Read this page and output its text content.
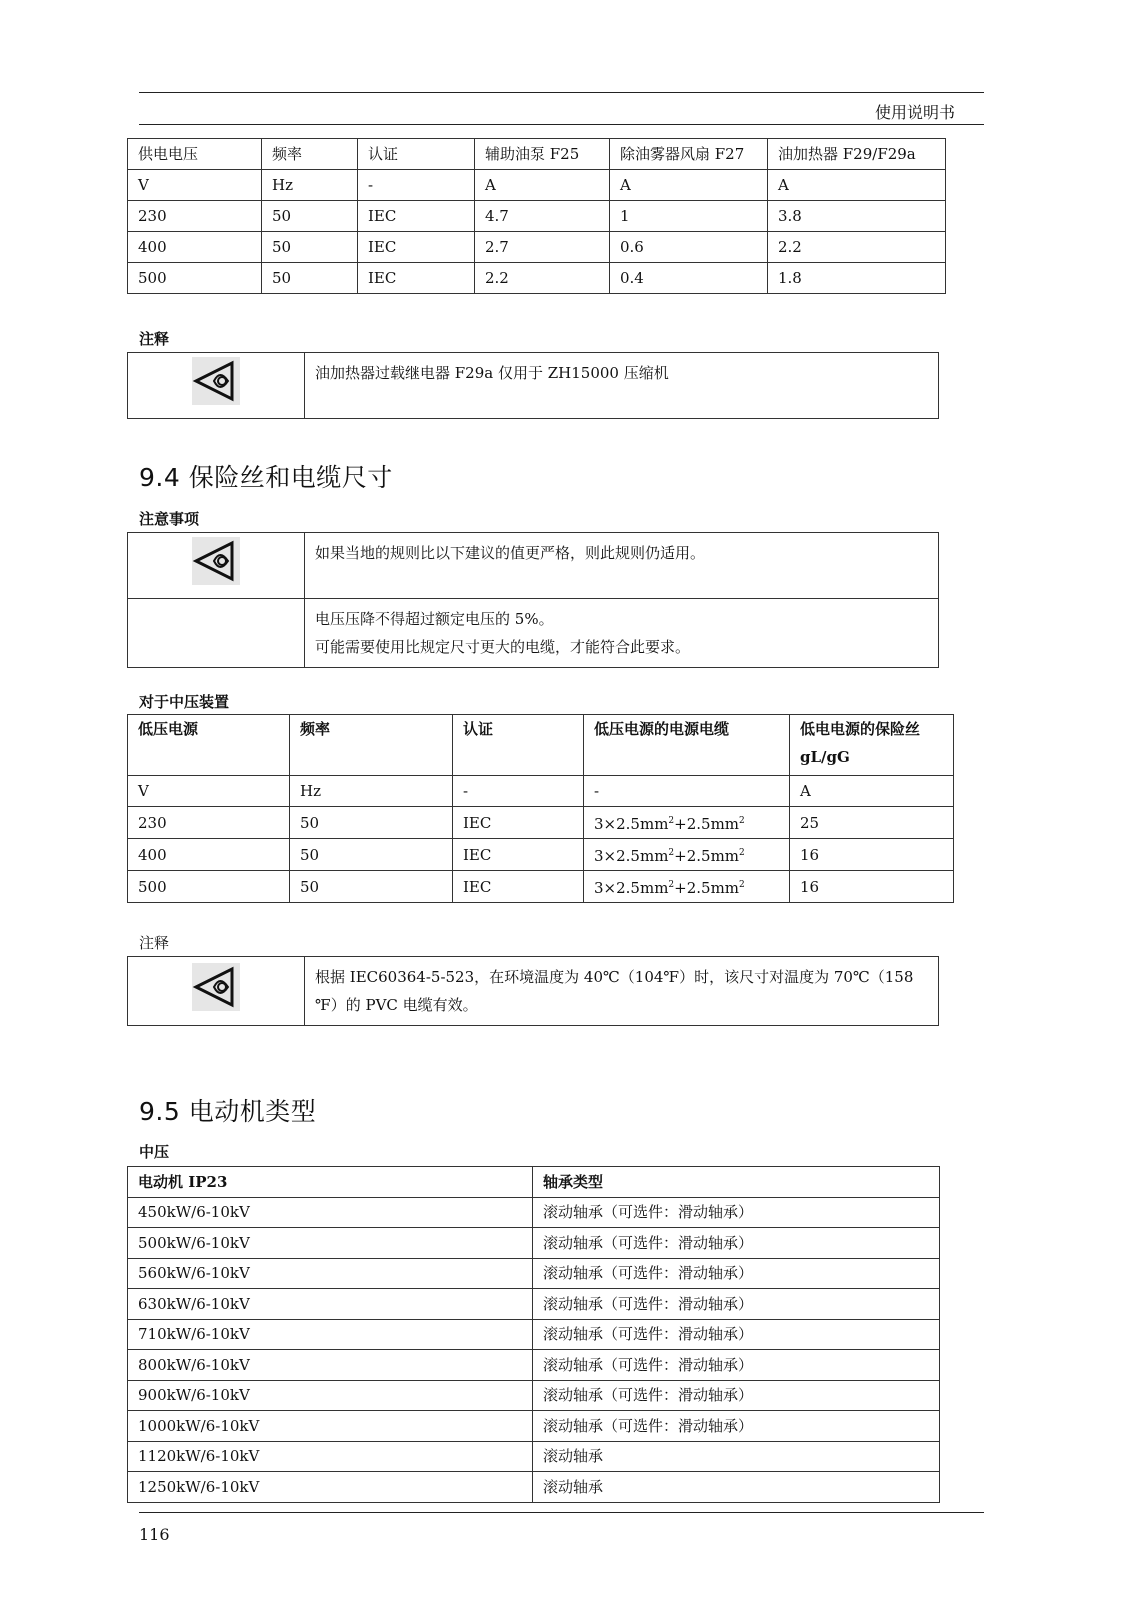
使用说明书
供电电压	频率	认证	辅助油泵 F25	除油雾器风扇 F27	油加热器 F29/F29a
V	Hz	-	A	A	A
230	50	IEC	4.7	1	3.8
400	50	IEC	2.7	0.6	2.2
500	50	IEC	2.2	0.4	1.8
注释
	油加热器过载继电器 F29a 仅用于 ZH15000 压缩机
9.4 保险丝和电缆尺寸
注意事项
	如果当地的规则比以下建议的值更严格，则此规则仍适用。

	电压压降不得超过额定电压的 5%。
可能需要使用比规定尺寸更大的电缆，才能符合此要求。
对于中压装置
低压电源	频率	认证	低压电源的电源电缆	低电电源的保险丝
gL/gG

V	Hz	-	-	A
230	50	IEC	$3\times 2.5mm^2+2.5mm^2$	25
400	50	IEC	$3\times 2.5mm^2+2.5mm^2$	16
500	50	IEC	$3\times 2.5mm^2+2.5mm^2$	16
注释

根据 IEC60364-5-523，在环境温度为 40℃（104℉）时，该尺寸对温度为 70℃（158
℉）的 PVC 电缆有效。
9.5 电动机类型
中压
电动机 IP23	轴承类型
450kW/6-10kV	滚动轴承（可选件：滑动轴承）
500kW/6-10kV	滚动轴承（可选件：滑动轴承）
560kW/6-10kV	滚动轴承（可选件：滑动轴承）
630kW/6-10kV	滚动轴承（可选件：滑动轴承）
710kW/6-10kV	滚动轴承（可选件：滑动轴承）
800kW/6-10kV	滚动轴承（可选件：滑动轴承）
900kW/6-10kV	滚动轴承（可选件：滑动轴承）
1000kW/6-10kV	滚动轴承（可选件：滑动轴承）
1120kW/6-10kV	滚动轴承
1250kW/6-10kV	滚动轴承
116
